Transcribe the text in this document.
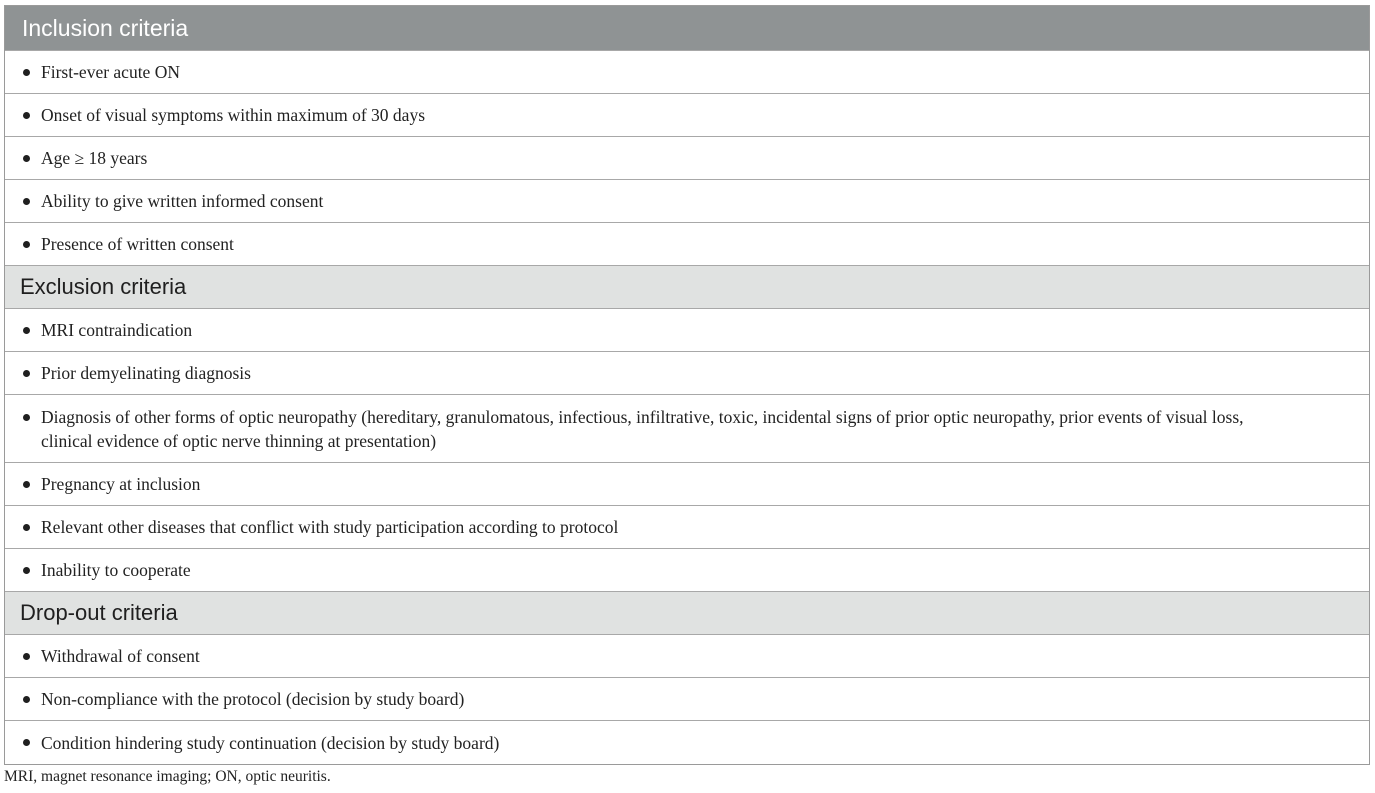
Inclusion criteria
First-ever acute ON
Onset of visual symptoms within maximum of 30 days
Age ≥ 18 years
Ability to give written informed consent
Presence of written consent
Exclusion criteria
MRI contraindication
Prior demyelinating diagnosis
Diagnosis of other forms of optic neuropathy (hereditary, granulomatous, infectious, infiltrative, toxic, incidental signs of prior optic neuropathy, prior events of visual loss, clinical evidence of optic nerve thinning at presentation)
Pregnancy at inclusion
Relevant other diseases that conflict with study participation according to protocol
Inability to cooperate
Drop-out criteria
Withdrawal of consent
Non-compliance with the protocol (decision by study board)
Condition hindering study continuation (decision by study board)
MRI, magnet resonance imaging; ON, optic neuritis.
